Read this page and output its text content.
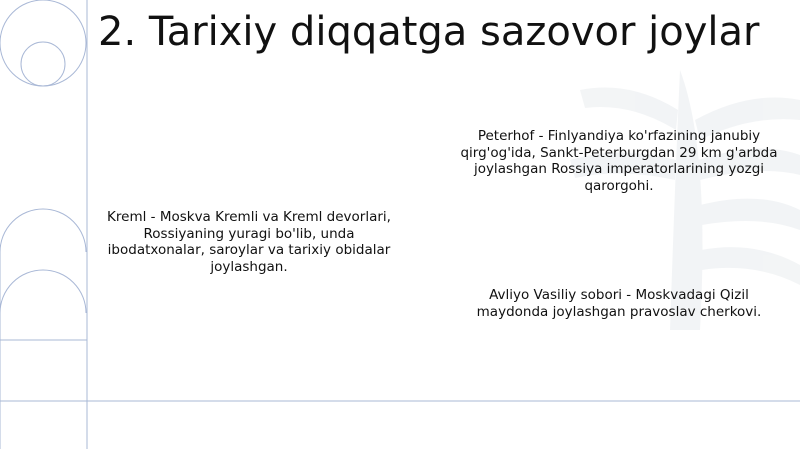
2. Tarixiy diqqatga sazovor joylar

Peterhof - Finlyandiya ko'rfazining janubiy qirg'og'ida, Sankt-Peterburgdan 29 km g'arbda joylashgan Rossiya imperatorlarining yozgi qarorgohi.

Kreml - Moskva Kremli va Kreml devorlari, Rossiyaning yuragi bo'lib, unda ibodatxonalar, saroylar va tarixiy obidalar joylashgan.

Avliyo Vasiliy sobori - Moskvadagi Qizil maydonda joylashgan pravoslav cherkovi.
